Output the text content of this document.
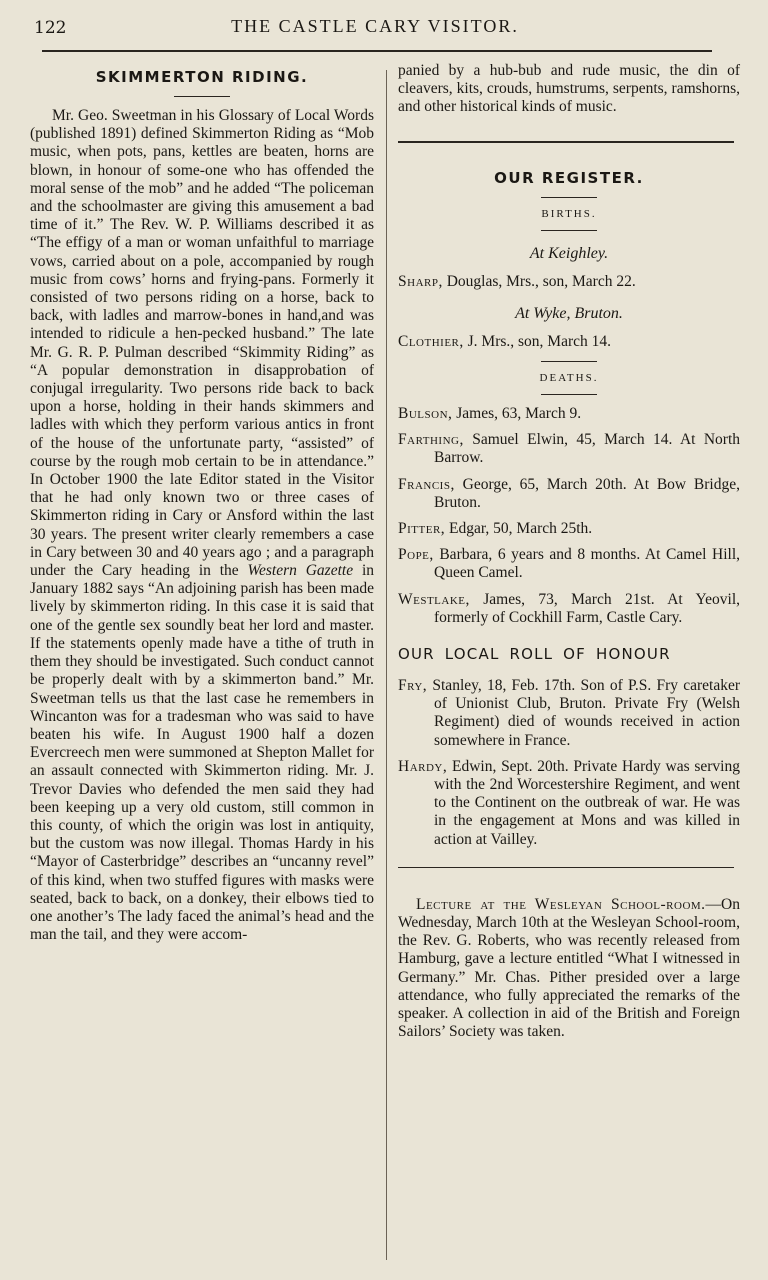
122	THE CASTLE CARY VISITOR.
SKIMMERTON RIDING.

Mr. Geo. Sweetman in his Glossary of Local Words (published 1891) defined Skimmerton Riding as “Mob music, when pots, pans, kettles are beaten, horns are blown, in honour of some-one who has offended the moral sense of the mob” and he added “The policeman and the schoolmaster are giving this amusement a bad time of it.” The Rev. W. P. Williams described it as “The effigy of a man or woman unfaithful to marriage vows, carried about on a pole, accompanied by rough music from cows’ horns and frying-pans. Formerly it consisted of two persons riding on a horse, back to back, with ladles and marrow-bones in hand,and was intended to ridicule a hen-pecked husband.” The late Mr. G. R. P. Pulman described “Skimmity Riding” as “A popular demonstration in disapprobation of conjugal irregularity. Two persons ride back to back upon a horse, holding in their hands skimmers and ladles with which they perform various antics in front of the house of the unfortunate party, “assisted” of course by the rough mob certain to be in attendance.” In October 1900 the late Editor stated in the Visitor that he had only known two or three cases of Skimmerton riding in Cary or Ansford within the last 30 years. The present writer clearly remembers a case in Cary between 30 and 40 years ago ; and a paragraph under the Cary heading in the Western Gazette in January 1882 says “An adjoining parish has been made lively by skimmerton riding. In this case it is said that one of the gentle sex soundly beat her lord and master. If the statements openly made have a tithe of truth in them they should be investigated. Such conduct cannot be properly dealt with by a skimmerton band.” Mr. Sweetman tells us that the last case he remembers in Wincanton was for a tradesman who was said to have beaten his wife. In August 1900 half a dozen Evercreech men were summoned at Shepton Mallet for an assault connected with Skimmerton riding. Mr. J. Trevor Davies who defended the men said they had been keeping up a very old custom, still common in this county, of which the origin was lost in antiquity, but the custom was now illegal. Thomas Hardy in his “Mayor of Casterbridge” describes an “uncanny revel” of this kind, when two stuffed figures with masks were seated, back to back, on a donkey, their elbows tied to one another’s The lady faced the animal’s head and the man the tail, and they were accom-

panied by a hub-bub and rude music, the din of cleavers, kits, crouds, humstrums, serpents, ramshorns, and other historical kinds of music.

OUR REGISTER.
BIRTHS.
At Keighley.

Sharp, Douglas, Mrs., son, March 22.

At Wyke, Bruton.

Clothier, J. Mrs., son, March 14.

DEATHS.

Bulson, James, 63, March 9.

Farthing, Samuel Elwin, 45, March 14. At North Barrow.

Francis, George, 65, March 20th. At Bow Bridge, Bruton.

Pitter, Edgar, 50, March 25th.

Pope, Barbara, 6 years and 8 months. At Camel Hill, Queen Camel.

Westlake, James, 73, March 21st. At Yeovil, formerly of Cockhill Farm, Castle Cary.

OUR LOCAL ROLL OF HONOUR

Fry, Stanley, 18, Feb. 17th. Son of P.S. Fry caretaker of Unionist Club, Bruton. Private Fry (Welsh Regiment) died of wounds received in action somewhere in France.

Hardy, Edwin, Sept. 20th. Private Hardy was serving with the 2nd Worcestershire Regiment, and went to the Continent on the outbreak of war. He was in the engagement at Mons and was killed in action at Vailley.

Lecture at the Wesleyan School-room.—On Wednesday, March 10th at the Wesleyan School-room, the Rev. G. Roberts, who was recently released from Hamburg, gave a lecture entitled “What I witnessed in Germany.” Mr. Chas. Pither presided over a large attendance, who fully appreciated the remarks of the speaker. A collection in aid of the British and Foreign Sailors’ Society was taken.
